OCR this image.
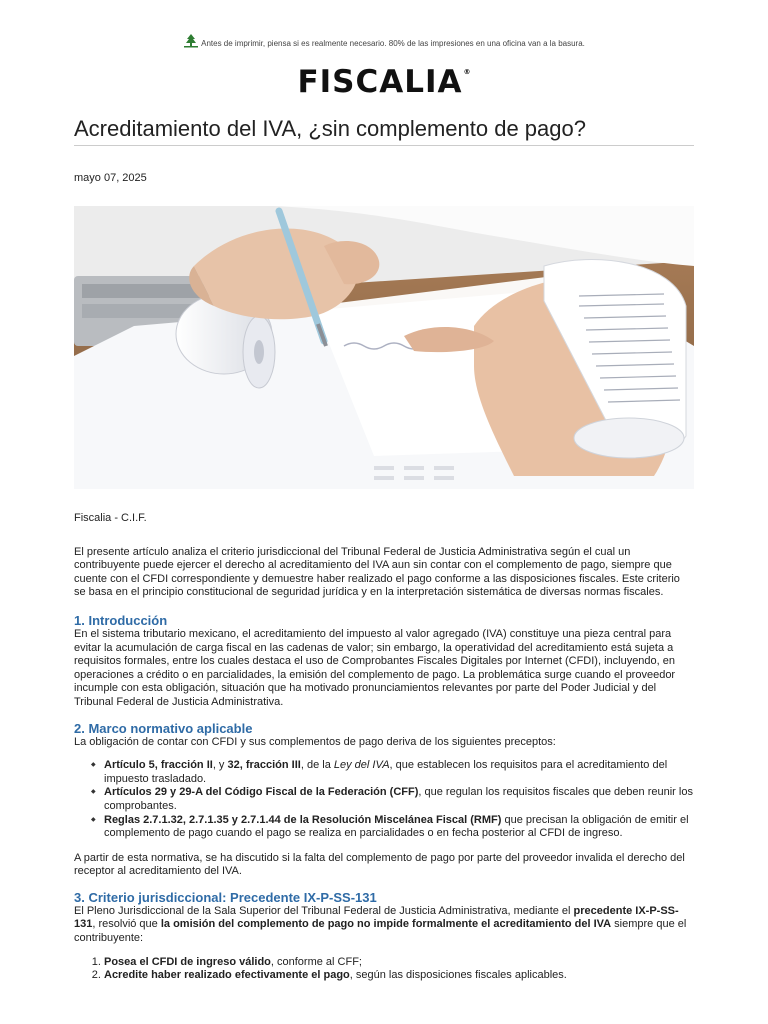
Antes de imprimir, piensa si es realmente necesario. 80% de las impresiones en una oficina van a la basura.
FISCALIA®
Acreditamiento del IVA, ¿sin complemento de pago?
mayo 07, 2025

Fiscalia - C.I.F.

El presente artículo analiza el criterio jurisdiccional del Tribunal Federal de Justicia Administrativa según el cual un contribuyente puede ejercer el derecho al acreditamiento del IVA aun sin contar con el complemento de pago, siempre que cuente con el CFDI correspondiente y demuestre haber realizado el pago conforme a las disposiciones fiscales. Este criterio se basa en el principio constitucional de seguridad jurídica y en la interpretación sistemática de diversas normas fiscales.

1. Introducción

En el sistema tributario mexicano, el acreditamiento del impuesto al valor agregado (IVA) constituye una pieza central para evitar la acumulación de carga fiscal en las cadenas de valor; sin embargo, la operatividad del acreditamiento está sujeta a requisitos formales, entre los cuales destaca el uso de Comprobantes Fiscales Digitales por Internet (CFDI), incluyendo, en operaciones a crédito o en parcialidades, la emisión del complemento de pago. La problemática surge cuando el proveedor incumple con esta obligación, situación que ha motivado pronunciamientos relevantes por parte del Poder Judicial y del Tribunal Federal de Justicia Administrativa.

2. Marco normativo aplicable

La obligación de contar con CFDI y sus complementos de pago deriva de los siguientes preceptos:

◆ Artículo 5, fracción II, y 32, fracción III, de la Ley del IVA, que establecen los requisitos para el acreditamiento del impuesto trasladado.
◆ Artículos 29 y 29-A del Código Fiscal de la Federación (CFF), que regulan los requisitos fiscales que deben reunir los comprobantes.
◆ Reglas 2.7.1.32, 2.7.1.35 y 2.7.1.44 de la Resolución Miscelánea Fiscal (RMF) que precisan la obligación de emitir el complemento de pago cuando el pago se realiza en parcialidades o en fecha posterior al CFDI de ingreso.

A partir de esta normativa, se ha discutido si la falta del complemento de pago por parte del proveedor invalida el derecho del receptor al acreditamiento del IVA.

3. Criterio jurisdiccional: Precedente IX-P-SS-131

El Pleno Jurisdiccional de la Sala Superior del Tribunal Federal de Justicia Administrativa, mediante el precedente IX-P-SS-131, resolvió que la omisión del complemento de pago no impide formalmente el acreditamiento del IVA siempre que el contribuyente:

1. Posea el CFDI de ingreso válido, conforme al CFF;
2. Acredite haber realizado efectivamente el pago, según las disposiciones fiscales aplicables.
